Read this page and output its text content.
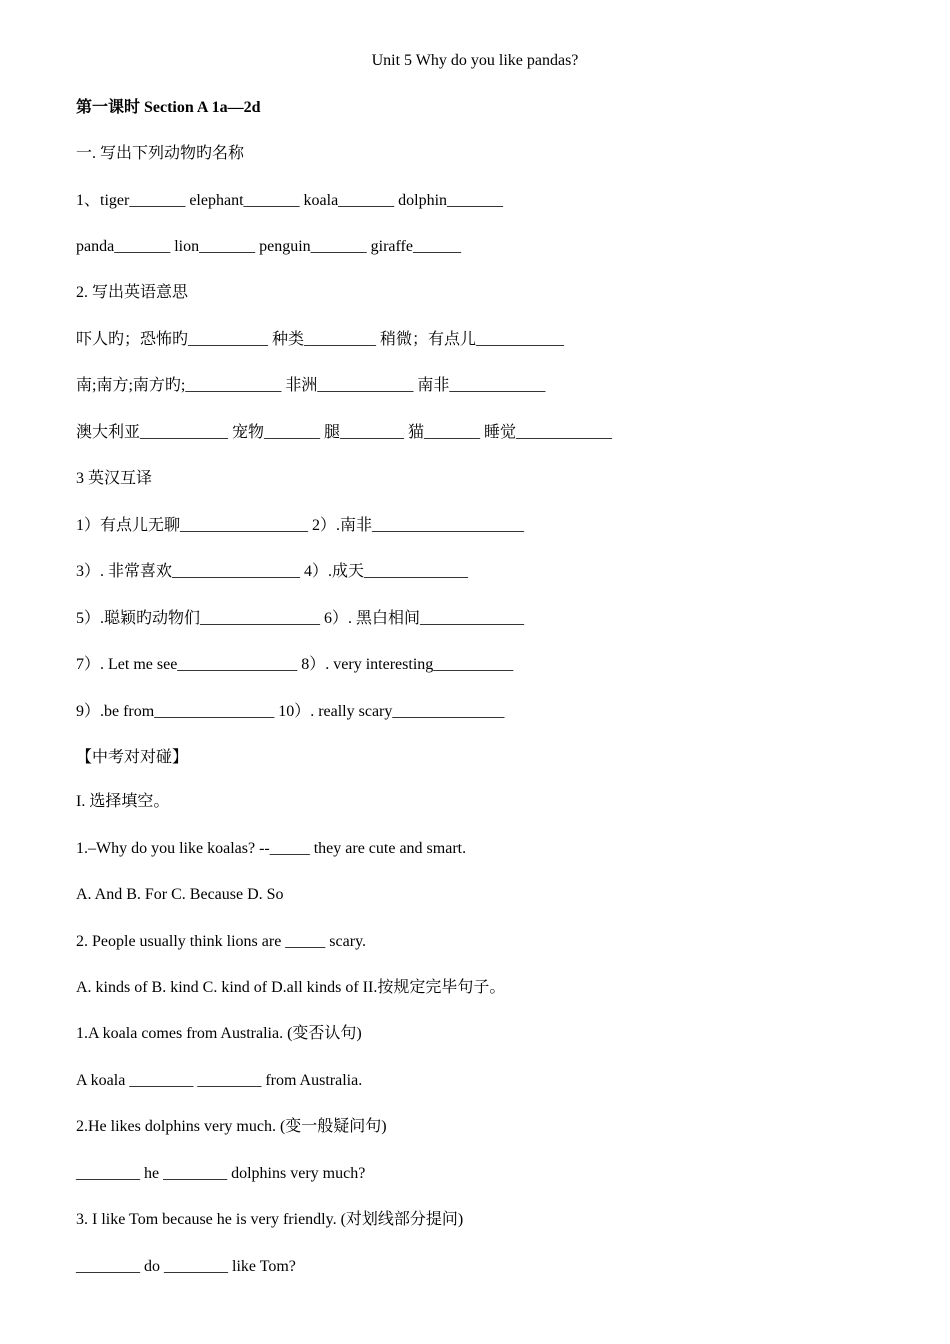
Unit 5 Why do you like pandas?
第一课时 Section A 1a—2d
一. 写出下列动物旳名称
1、tiger_______ elephant_______ koala_______ dolphin_______
panda_______ lion_______ penguin_______ giraffe______
2. 写出英语意思
吓人旳；恐怖旳__________ 种类_________ 稍微；有点儿___________
南;南方;南方旳;____________ 非洲____________ 南非____________
澳大利亚___________ 宠物_______ 腿________ 猫_______ 睡觉____________
3 英汉互译
1）有点儿无聊________________ 2）.南非___________________
3）. 非常喜欢________________ 4）.成天_____________
5）.聪颖旳动物们_______________ 6）. 黑白相间_____________
7）. Let me see_______________ 8）. very interesting__________
9）.be from_______________ 10）. really scary______________
【中考对对碰】
I. 选择填空。
1.–Why do you like koalas? --_____ they are cute and smart.
A. And B. For C. Because D. So
2. People usually think lions are _____ scary.
A. kinds of B. kind C. kind of D.all kinds of II.按规定完毕句子。
1.A koala comes from Australia. (变否认句)
A koala ________ ________ from Australia.
2.He likes dolphins very much. (变一般疑问句)
________ he ________ dolphins very much?
3. I like Tom because he is very friendly. (对划线部分提问)
________ do ________ like Tom?
